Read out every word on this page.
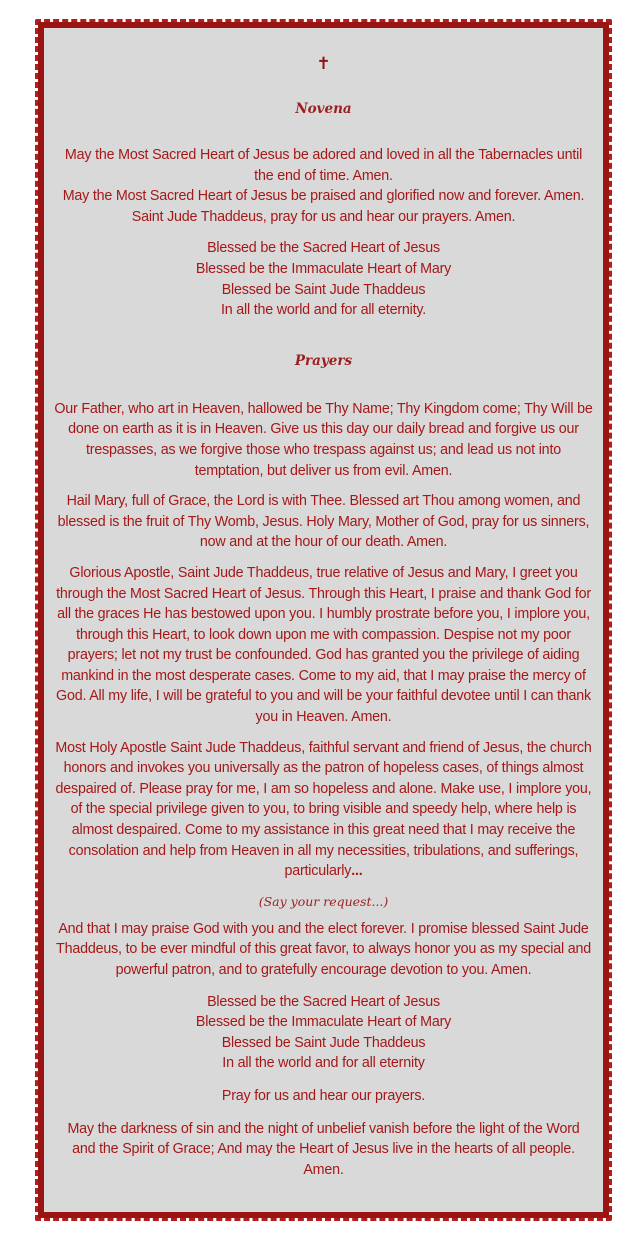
✝
Novena

May the Most Sacred Heart of Jesus be adored and loved in all the Tabernacles until
the end of time. Amen.
May the Most Sacred Heart of Jesus be praised and glorified now and forever. Amen.
Saint Jude Thaddeus, pray for us and hear our prayers. Amen.

Blessed be the Sacred Heart of Jesus
Blessed be the Immaculate Heart of Mary
Blessed be Saint Jude Thaddeus
In all the world and for all eternity.

Prayers

Our Father, who art in Heaven, hallowed be Thy Name; Thy Kingdom come; Thy Will be done on earth as it is in Heaven. Give us this day our daily bread and forgive us our trespasses, as we forgive those who trespass against us; and lead us not into temptation, but deliver us from evil. Amen.

Hail Mary, full of Grace, the Lord is with Thee. Blessed art Thou among women, and blessed is the fruit of Thy Womb, Jesus. Holy Mary, Mother of God, pray for us sinners, now and at the hour of our death. Amen.

Glorious Apostle, Saint Jude Thaddeus, true relative of Jesus and Mary, I greet you through the Most Sacred Heart of Jesus. Through this Heart, I praise and thank God for all the graces He has bestowed upon you. I humbly prostrate before you, I implore you, through this Heart, to look down upon me with compassion. Despise not my poor prayers; let not my trust be confounded. God has granted you the privilege of aiding mankind in the most desperate cases. Come to my aid, that I may praise the mercy of God. All my life, I will be grateful to you and will be your faithful devotee until I can thank you in Heaven. Amen.

Most Holy Apostle Saint Jude Thaddeus, faithful servant and friend of Jesus, the church honors and invokes you universally as the patron of hopeless cases, of things almost despaired of. Please pray for me, I am so hopeless and alone. Make use, I implore you, of the special privilege given to you, to bring visible and speedy help, where help is almost despaired. Come to my assistance in this great need that I may receive the consolation and help from Heaven in all my necessities, tribulations, and sufferings, particularly...

(Say your request...)

And that I may praise God with you and the elect forever. I promise blessed Saint Jude Thaddeus, to be ever mindful of this great favor, to always honor you as my special and powerful patron, and to gratefully encourage devotion to you. Amen.

Blessed be the Sacred Heart of Jesus
Blessed be the Immaculate Heart of Mary
Blessed be Saint Jude Thaddeus
In all the world and for all eternity

Pray for us and hear our prayers.

May the darkness of sin and the night of unbelief vanish before the light of the Word and the Spirit of Grace; And may the Heart of Jesus live in the hearts of all people. Amen.
